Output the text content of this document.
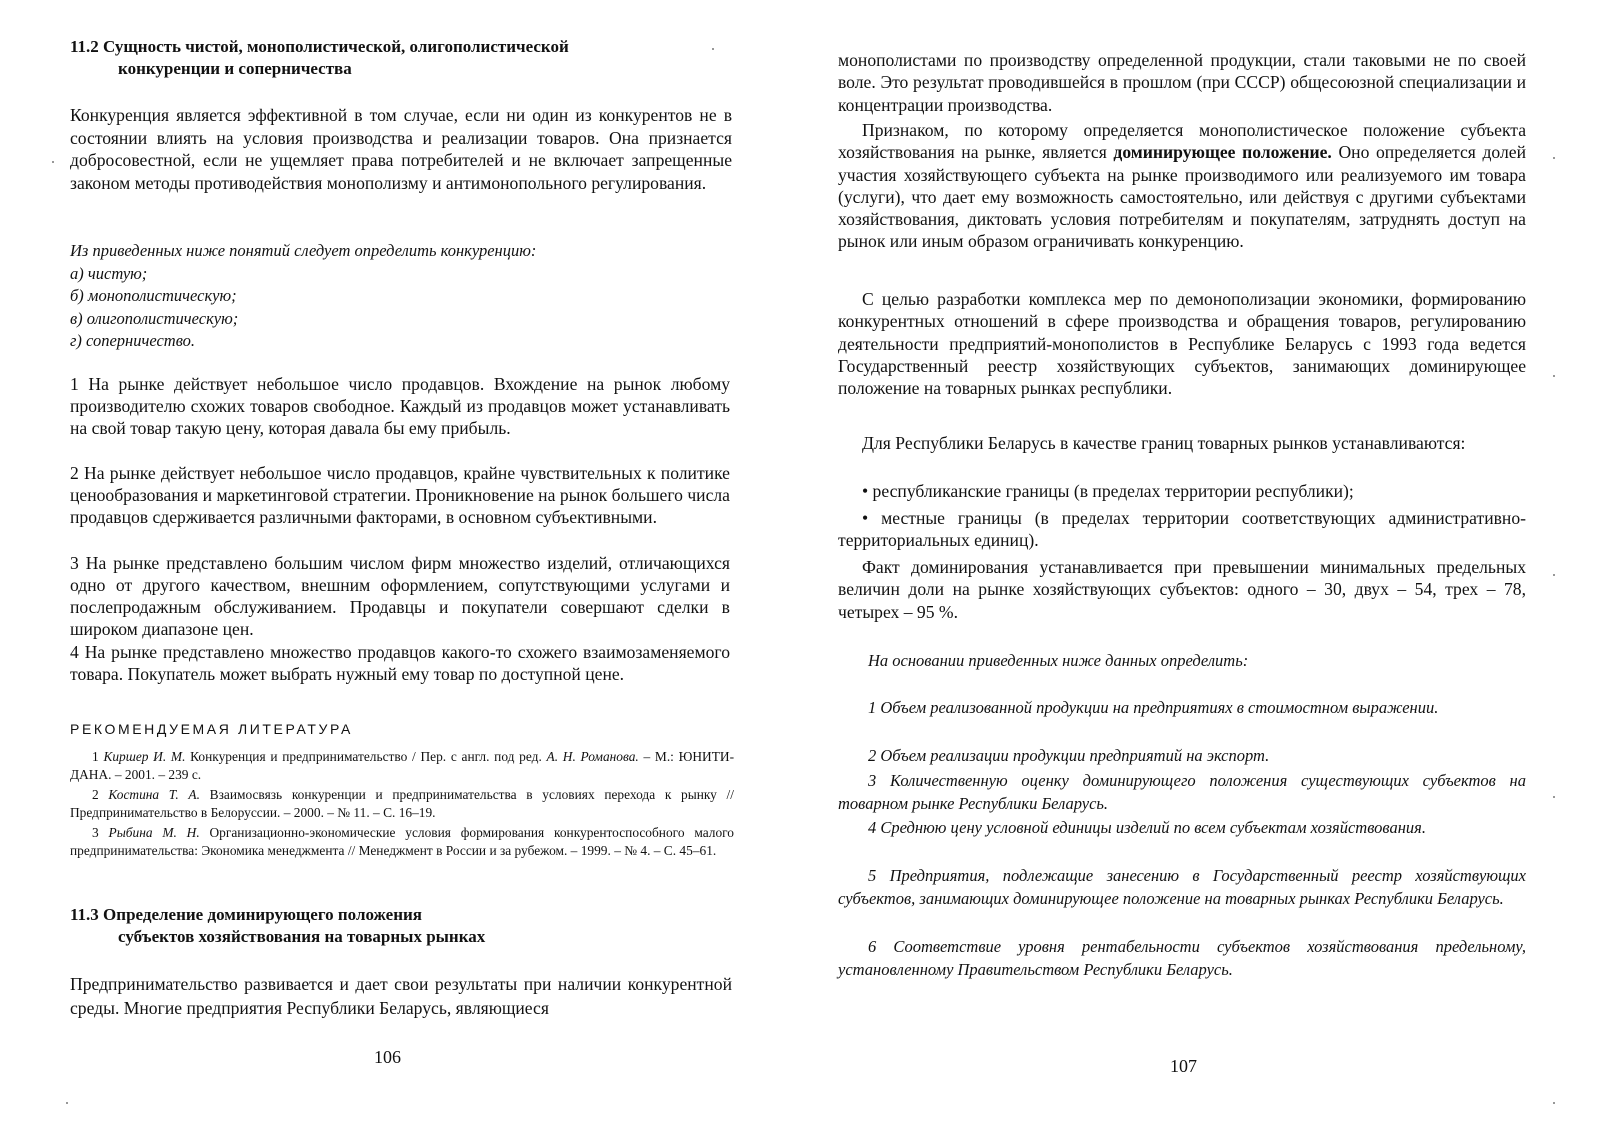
11.2 Сущность чистой, монополистической, олигополистической
конкуренции и соперничества

Конкуренция является эффективной в том случае, если ни один из конкурентов не в состоянии влиять на условия производства и реализации товаров. Она признается добросовестной, если не ущемляет права потребителей и не включает запрещенные законом методы противодействия монополизму и антимонопольного регулирования.

Из приведенных ниже понятий следует определить конкуренцию:
а) чистую;
б) монополистическую;
в) олигополистическую;
г) соперничество.

1 На рынке действует небольшое число продавцов. Вхождение на рынок любому производителю схожих товаров свободное. Каждый из продавцов может устанавливать на свой товар такую цену, которая давала бы ему прибыль.

2 На рынке действует небольшое число продавцов, крайне чувствительных к политике ценообразования и маркетинговой стратегии. Проникновение на рынок большего числа продавцов сдерживается различными факторами, в основном субъективными.

3 На рынке представлено большим числом фирм множество изделий, отличающихся одно от другого качеством, внешним оформлением, сопутствующими услугами и послепродажным обслуживанием. Продавцы и покупатели совершают сделки в широком диапазоне цен.

4 На рынке представлено множество продавцов какого-то схожего взаимозаменяемого товара. Покупатель может выбрать нужный ему товар по доступной цене.

РЕКОМЕНДУЕМАЯ ЛИТЕРАТУРА

1 Киршер И. М. Конкуренция и предпринимательство / Пер. с англ. под ред. А. Н. Романова. – М.: ЮНИТИ-ДАНА. – 2001. – 239 с.

2 Костина Т. А. Взаимосвязь конкуренции и предпринимательства в условиях перехода к рынку // Предпринимательство в Белоруссии. – 2000. – № 11. – С. 16–19.

3 Рыбина М. Н. Организационно-экономические условия формирования конкурентоспособного малого предпринимательства: Экономика менеджмента // Менеджмент в России и за рубежом. – 1999. – № 4. – С. 45–61.

11.3 Определение доминирующего положения
субъектов хозяйствования на товарных рынках

Предпринимательство развивается и дает свои результаты при наличии конкурентной среды. Многие предприятия Республики Беларусь, являющиеся

106

монополистами по производству определенной продукции, стали таковыми не по своей воле. Это результат проводившейся в прошлом (при СССР) общесоюзной специализации и концентрации производства.

Признаком, по которому определяется монополистическое положение субъекта хозяйствования на рынке, является доминирующее положение. Оно определяется долей участия хозяйствующего субъекта на рынке производимого или реализуемого им товара (услуги), что дает ему возможность самостоятельно, или действуя с другими субъектами хозяйствования, диктовать условия потребителям и покупателям, затруднять доступ на рынок или иным образом ограничивать конкуренцию.

С целью разработки комплекса мер по демонополизации экономики, формированию конкурентных отношений в сфере производства и обращения товаров, регулированию деятельности предприятий-монополистов в Республике Беларусь с 1993 года ведется Государственный реестр хозяйствующих субъектов, занимающих доминирующее положение на товарных рынках республики.

Для Республики Беларусь в качестве границ товарных рынков устанавливаются:

• республиканские границы (в пределах территории республики);

• местные границы (в пределах территории соответствующих административно-территориальных единиц).

Факт доминирования устанавливается при превышении минимальных предельных величин доли на рынке хозяйствующих субъектов: одного – 30, двух – 54, трех – 78, четырех – 95 %.

На основании приведенных ниже данных определить:

1 Объем реализованной продукции на предприятиях в стоимостном выражении.

2 Объем реализации продукции предприятий на экспорт.

3 Количественную оценку доминирующего положения существующих субъектов на товарном рынке Республики Беларусь.

4 Среднюю цену условной единицы изделий по всем субъектам хозяйствования.

5 Предприятия, подлежащие занесению в Государственный реестр хозяйствующих субъектов, занимающих доминирующее положение на товарных рынках Республики Беларусь.

6 Соответствие уровня рентабельности субъектов хозяйствования предельному, установленному Правительством Республики Беларусь.

107
